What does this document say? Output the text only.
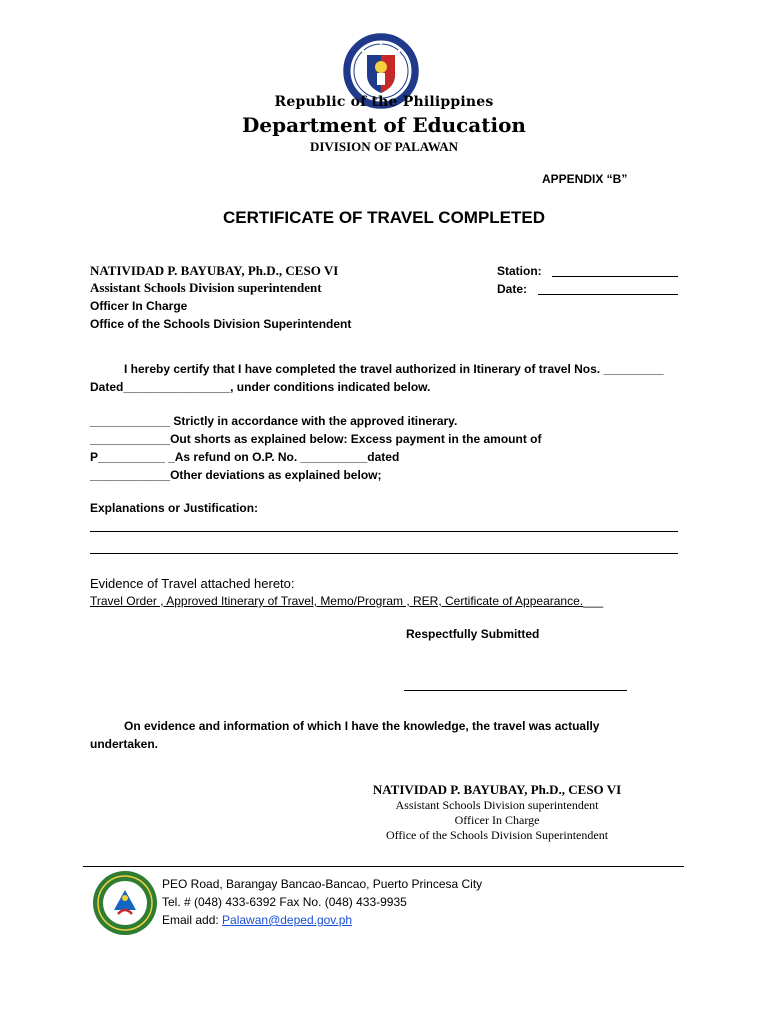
Republic of the Philippines
Department of Education
DIVISION OF PALAWAN
APPENDIX “B”
CERTIFICATE OF TRAVEL COMPLETED
NATIVIDAD P. BAYUBAY, Ph.D., CESO VI
Assistant Schools Division superintendent
Officer In Charge
Office of the Schools Division Superintendent
Station:
Date:
I hereby certify that I have completed the travel authorized in Itinerary of travel Nos. _________
Dated________________, under conditions indicated below.
____________ Strictly in accordance with the approved itinerary.
____________Out shorts as explained below: Excess payment in the amount of
P__________ _As refund on O.P. No. __________dated
____________Other deviations as explained below;
Explanations or Justification:
Evidence of Travel attached hereto:
Travel Order , Approved Itinerary of Travel, Memo/Program , RER, Certificate of Appearance.___
Respectfully Submitted
On evidence and information of which I have the knowledge, the travel was actually
undertaken.
NATIVIDAD P. BAYUBAY, Ph.D., CESO VI
Assistant Schools Division superintendent
Officer In Charge
Office of the Schools Division Superintendent
PEO Road, Barangay Bancao-Bancao, Puerto Princesa City
Tel. # (048) 433-6392 Fax No. (048) 433-9935
Email add: Palawan@deped.gov.ph
